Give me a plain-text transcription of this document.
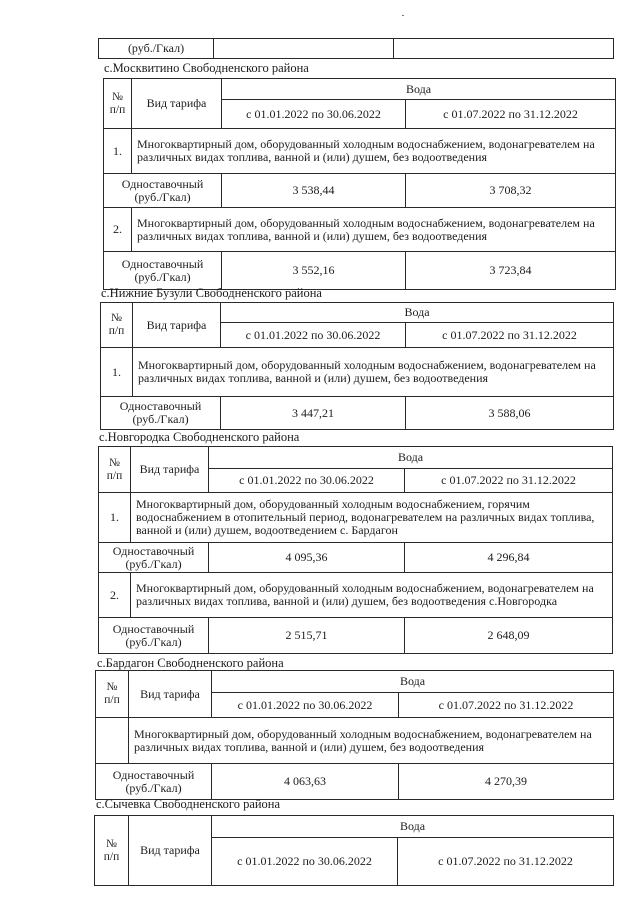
(руб./Гкал)		
с.Москвитино Свободненского района
№
п/п	Вид тарифа	Вода	
		с 01.01.2022 по 30.06.2022	с 01.07.2022 по 31.12.2022
1.	Многоквартирный дом, оборудованный холодным водоснабжением, водонагревателем на различных видах топлива, ванной и (или) душем, без водоотведения		
Одноставочный (руб./Гкал)		3 538,44	3 708,32
2.	Многоквартирный дом, оборудованный холодным водоснабжением, водонагревателем на различных видах топлива, ванной и (или) душем, без водоотведения		
Одноставочный (руб./Гкал)		3 552,16	3 723,84
с.Нижние Бузули Свободненского района
№
п/п	Вид тарифа	Вода	
		с 01.01.2022 по 30.06.2022	с 01.07.2022 по 31.12.2022
1.	Многоквартирный дом, оборудованный холодным водоснабжением, водонагревателем на различных видах топлива, ванной и (или) душем, без водоотведения		
Одноставочный (руб./Гкал)		3 447,21	3 588,06
с.Новгородка Свободненского района
№
п/п	Вид тарифа	Вода	
		с 01.01.2022 по 30.06.2022	с 01.07.2022 по 31.12.2022
1.	Многоквартирный дом, оборудованный холодным водоснабжением, горячим водоснабжением в отопительный период, водонагревателем на различных видах топлива, ванной и (или) душем, водоотведением с. Бардагон		
Одноставочный (руб./Гкал)		4 095,36	4 296,84
2.	Многоквартирный дом, оборудованный холодным водоснабжением, водонагревателем на различных видах топлива, ванной и (или) душем, без водоотведения с.Новгородка		
Одноставочный (руб./Гкал)		2 515,71	2 648,09
с.Бардагон Свободненского района
№
п/п	Вид тарифа	Вода	
		с 01.01.2022 по 30.06.2022	с 01.07.2022 по 31.12.2022
	Многоквартирный дом, оборудованный холодным водоснабжением, водонагревателем на различных видах топлива, ванной и (или) душем, без водоотведения		
Одноставочный (руб./Гкал)		4 063,63	4 270,39
с.Сычевка Свободненского района
№
п/п	Вид тарифа	Вода	
		с 01.01.2022 по 30.06.2022	с 01.07.2022 по 31.12.2022
